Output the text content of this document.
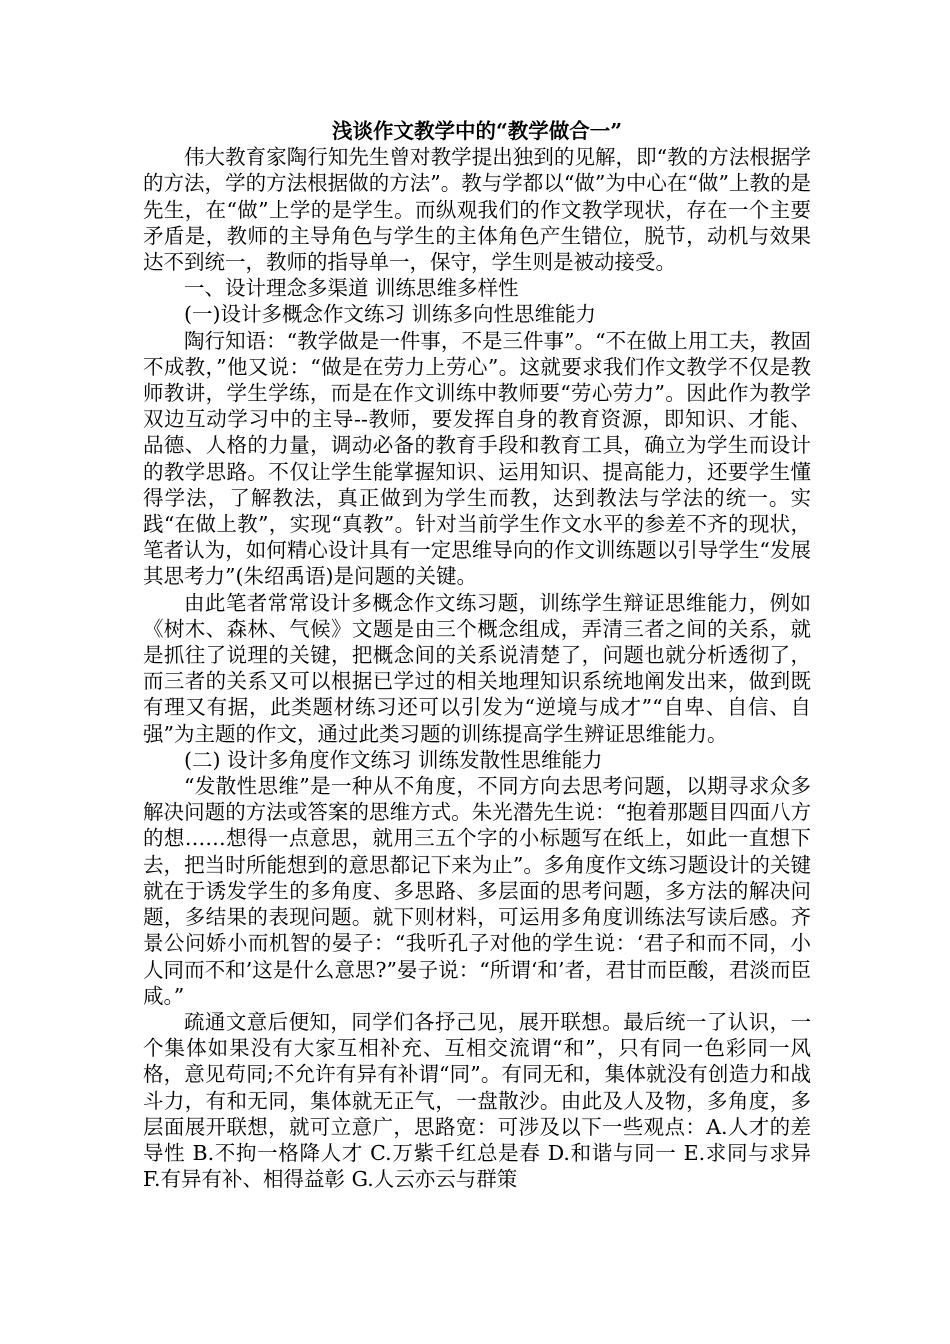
浅谈作文教学中的“教学做合一”

伟大教育家陶行知先生曾对教学提出独到的见解，即“教的方法根据学的方法，学的方法根据做的方法”。教与学都以“做”为中心在“做”上教的是先生，在“做”上学的是学生。而纵观我们的作文教学现状，存在一个主要矛盾是，教师的主导角色与学生的主体角色产生错位，脱节，动机与效果达不到统一，教师的指导单一，保守，学生则是被动接受。

一、设计理念多渠道 训练思维多样性

(一)设计多概念作文练习 训练多向性思维能力

陶行知语：“教学做是一件事，不是三件事”。“不在做上用工夫，教固不成教，”他又说：“做是在劳力上劳心”。这就要求我们作文教学不仅是教师教讲，学生学练，而是在作文训练中教师要“劳心劳力”。因此作为教学双边互动学习中的主导--教师，要发挥自身的教育资源，即知识、才能、品德、人格的力量，调动必备的教育手段和教育工具，确立为学生而设计的教学思路。不仅让学生能掌握知识、运用知识、提高能力，还要学生懂得学法，了解教法，真正做到为学生而教，达到教法与学法的统一。实践“在做上教”，实现“真教”。针对当前学生作文水平的参差不齐的现状，笔者认为，如何精心设计具有一定思维导向的作文训练题以引导学生“发展其思考力”(朱绍禹语)是问题的关键。

由此笔者常常设计多概念作文练习题，训练学生辩证思维能力，例如《树木、森林、气候》文题是由三个概念组成，弄清三者之间的关系，就是抓往了说理的关键，把概念间的关系说清楚了，问题也就分析透彻了，而三者的关系又可以根据已学过的相关地理知识系统地阐发出来，做到既有理又有据，此类题材练习还可以引发为“逆境与成才”“自卑、自信、自强”为主题的作文，通过此类习题的训练提高学生辨证思维能力。

(二) 设计多角度作文练习 训练发散性思维能力

“发散性思维”是一种从不角度，不同方向去思考问题，以期寻求众多解决问题的方法或答案的思维方式。朱光潜先生说：“抱着那题目四面八方的想……想得一点意思，就用三五个字的小标题写在纸上，如此一直想下去，把当时所能想到的意思都记下来为止”。多角度作文练习题设计的关键就在于诱发学生的多角度、多思路、多层面的思考问题，多方法的解决问题，多结果的表现问题。就下则材料，可运用多角度训练法写读后感。齐景公问娇小而机智的晏子：“我听孔子对他的学生说：‘君子和而不同，小人同而不和’这是什么意思?”晏子说：“所谓‘和’者，君甘而臣酸，君淡而臣咸。”

疏通文意后便知，同学们各抒己见，展开联想。最后统一了认识，一个集体如果没有大家互相补充、互相交流谓“和”，只有同一色彩同一风格，意见苟同;不允许有异有补谓“同”。有同无和，集体就没有创造力和战斗力，有和无同，集体就无正气，一盘散沙。由此及人及物，多角度，多层面展开联想，就可立意广，思路宽：可涉及以下一些观点：A.人才的差导性 B.不拘一格降人才 C.万紫千红总是春 D.和谐与同一 E.求同与求异 F.有异有补、相得益彰 G.人云亦云与群策
